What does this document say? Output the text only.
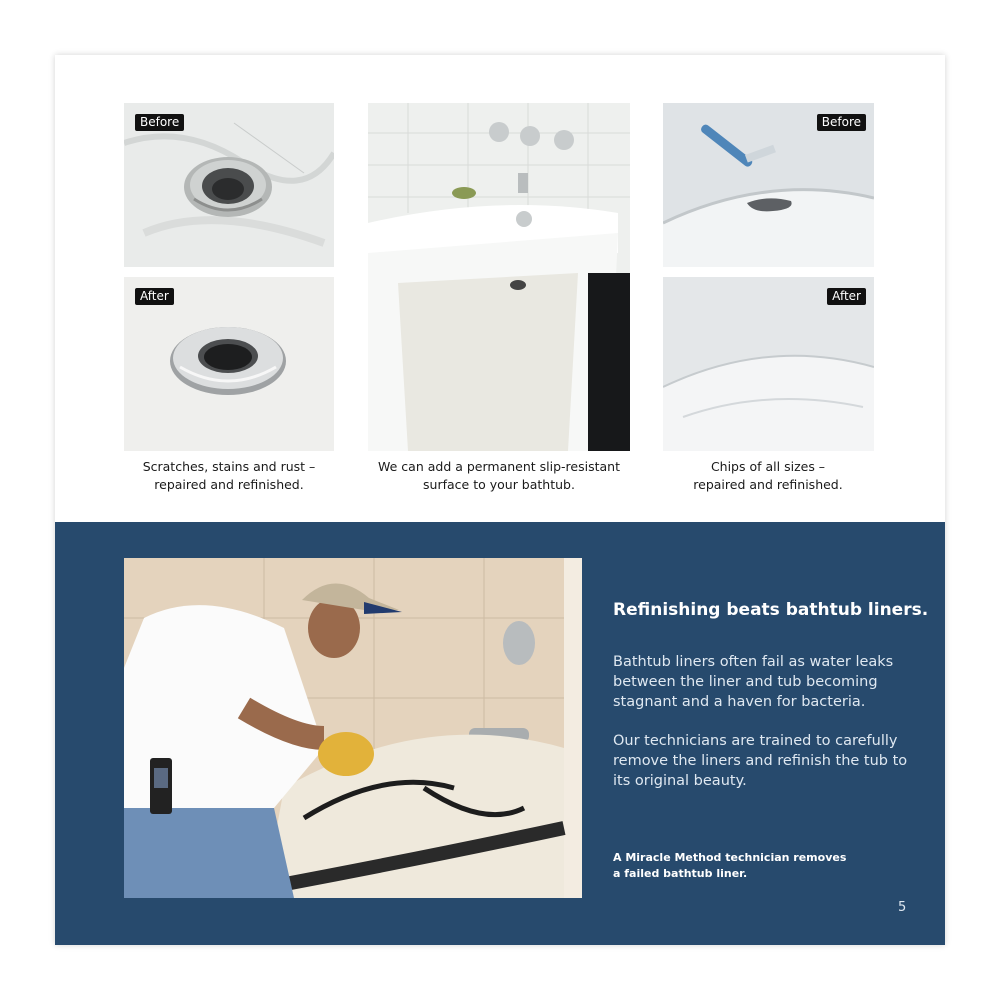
Before
After
Before
After
Scratches, stains and rust –
repaired and refinished.
We can add a permanent slip-resistant
surface to your bathtub.
Chips of all sizes –
repaired and refinished.
Refinishing beats bathtub liners.
Bathtub liners often fail as water leaks
between the liner and tub becoming
stagnant and a haven for bacteria.
Our technicians are trained to carefully
remove the liners and refinish the tub to
its original beauty.
A Miracle Method technician removes
a failed bathtub liner.
5
